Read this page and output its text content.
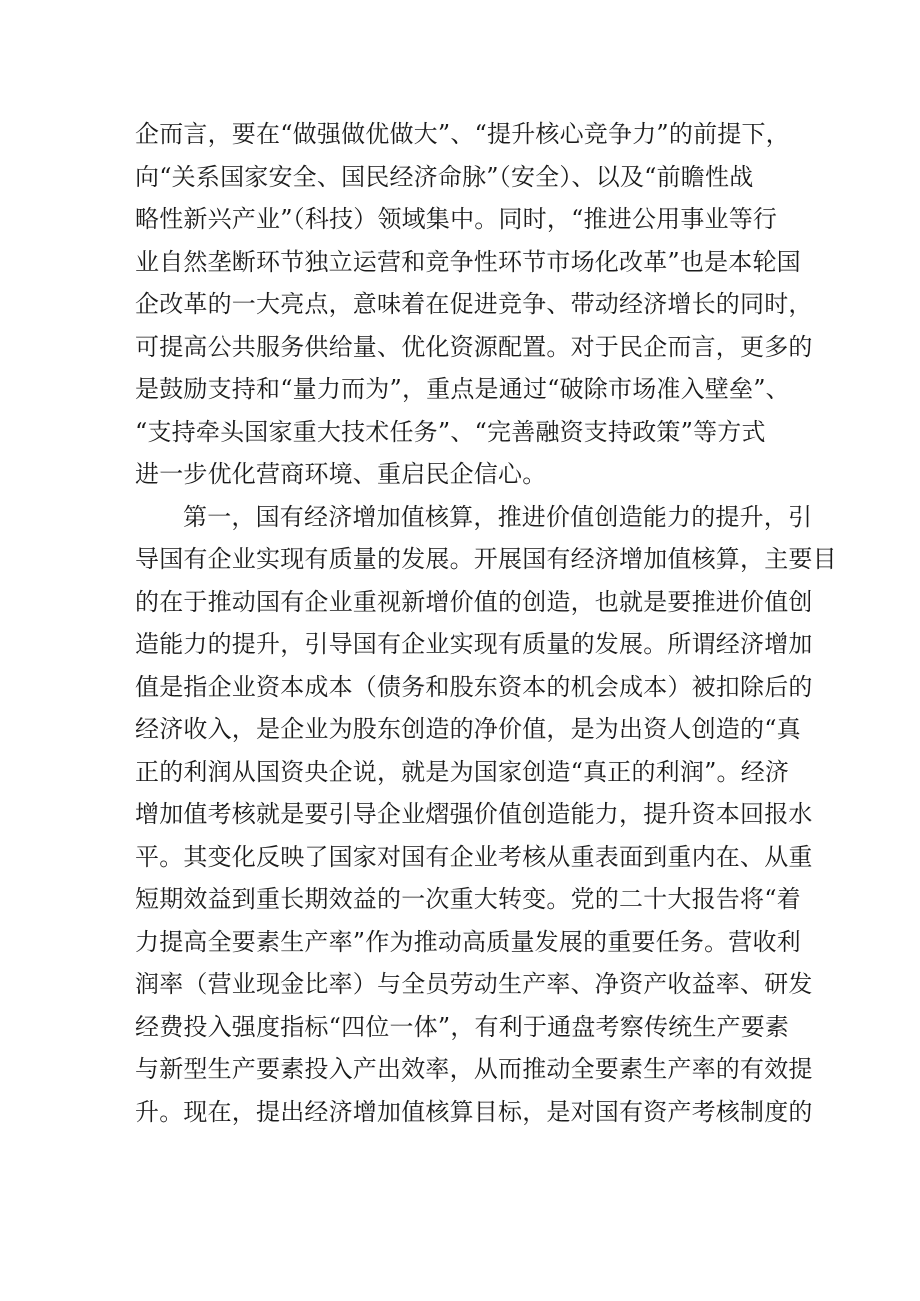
企而言，要在“做强做优做大”、“提升核心竞争力”的前提下，
向“关系国家安全、国民经济命脉”（安全）、以及“前瞻性战
略性新兴产业”（科技）领域集中。同时，“推进公用事业等行
业自然垄断环节独立运营和竞争性环节市场化改革”也是本轮国
企改革的一大亮点，意味着在促进竞争、带动经济增长的同时，
可提高公共服务供给量、优化资源配置。对于民企而言，更多的
是鼓励支持和“量力而为”，重点是通过“破除市场准入壁垒”、
“支持牵头国家重大技术任务”、“完善融资支持政策”等方式
进一步优化营商环境、重启民企信心。
第一，国有经济增加值核算，推进价值创造能力的提升，引
导国有企业实现有质量的发展。开展国有经济增加值核算，主要目
的在于推动国有企业重视新增价值的创造，也就是要推进价值创
造能力的提升，引导国有企业实现有质量的发展。所谓经济增加
值是指企业资本成本（债务和股东资本的机会成本）被扣除后的
经济收入，是企业为股东创造的净价值，是为出资人创造的“真
正的利润从国资央企说，就是为国家创造“真正的利润”。经济
增加值考核就是要引导企业熠强价值创造能力，提升资本回报水
平。其变化反映了国家对国有企业考核从重表面到重内在、从重
短期效益到重长期效益的一次重大转变。党的二十大报告将“着
力提高全要素生产率”作为推动高质量发展的重要任务。营收利
润率（营业现金比率）与全员劳动生产率、净资产收益率、研发
经费投入强度指标“四位一体”，有利于通盘考察传统生产要素
与新型生产要素投入产出效率，从而推动全要素生产率的有效提
升。现在，提出经济增加值核算目标，是对国有资产考核制度的
